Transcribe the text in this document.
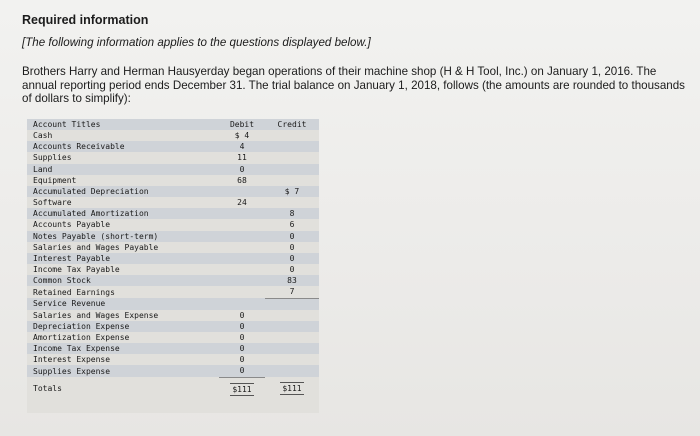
Required information
[The following information applies to the questions displayed below.]
Brothers Harry and Herman Hausyerday began operations of their machine shop (H & H Tool, Inc.) on January 1, 2016. The annual reporting period ends December 31. The trial balance on January 1, 2018, follows (the amounts are rounded to thousands of dollars to simplify):
Account Titles	Debit	Credit
Cash	$ 4	
Accounts Receivable	4	
Supplies	11	
Land	0	
Equipment	68	
Accumulated Depreciation		$ 7
Software	24	
Accumulated Amortization		8
Accounts Payable		6
Notes Payable (short-term)		0
Salaries and Wages Payable		0
Interest Payable		0
Income Tax Payable		0
Common Stock		83
Retained Earnings		7
Service Revenue		
Salaries and Wages Expense	0	
Depreciation Expense	0	
Amortization Expense	0	
Income Tax Expense	0	
Interest Expense	0	
Supplies Expense	0	
Totals	$111	$111
